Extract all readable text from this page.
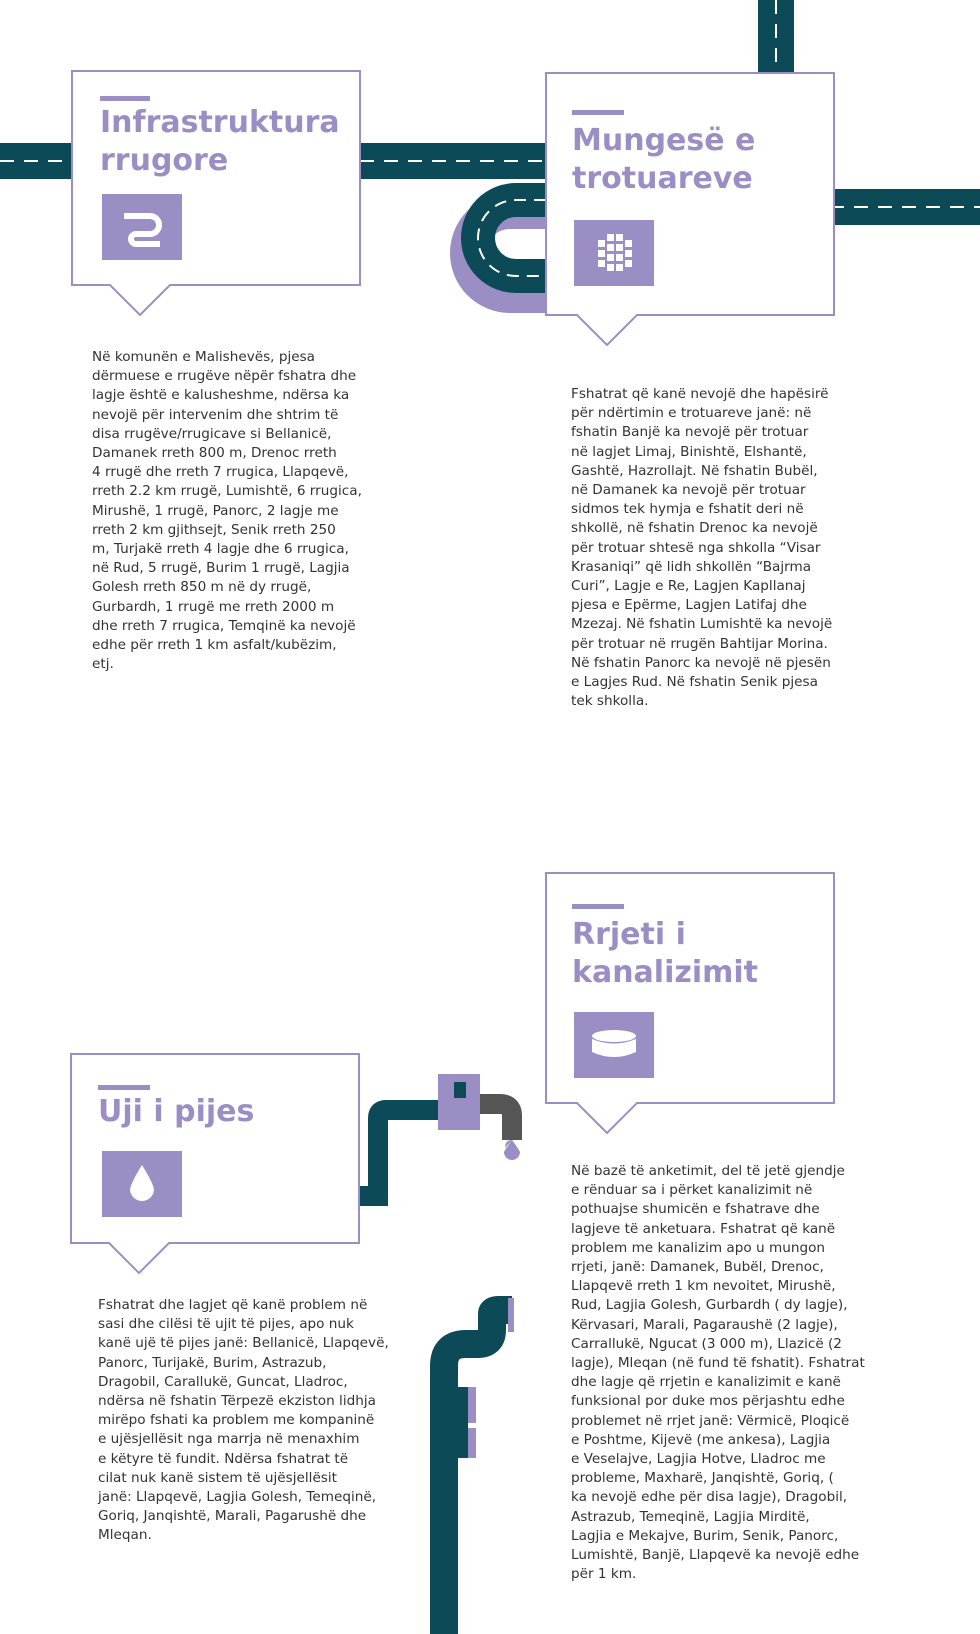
Infrastruktura
rrugore
Mungesë e
trotuareve
Uji i pijes
Rrjeti i
kanalizimit

Në komunën e Malishevës, pjesa
dërmuese e rrugëve nëpër fshatra dhe
lagje është e kalusheshme, ndërsa ka
nevojë për intervenim dhe shtrim të
disa rrugëve/rrugicave si Bellanicë,
Damanek rreth 800 m, Drenoc rreth
4 rrugë dhe rreth 7 rrugica, Llapqevë,
rreth 2.2 km rrugë, Lumishtë, 6 rrugica,
Mirushë, 1 rrugë, Panorc, 2 lagje me
rreth 2 km gjithsejt, Senik rreth 250
m, Turjakë rreth 4 lagje dhe 6 rrugica,
në Rud, 5 rrugë, Burim 1 rrugë, Lagjia
Golesh rreth 850 m në dy rrugë,
Gurbardh, 1 rrugë me rreth 2000 m
dhe rreth 7 rrugica, Temqinë ka nevojë
edhe për rreth 1 km asfalt/kubëzim,
etj.

Fshatrat që kanë nevojë dhe hapësirë
për ndërtimin e trotuareve janë: në
fshatin Banjë ka nevojë për trotuar
në lagjet Limaj, Binishtë, Elshantë,
Gashtë, Hazrollajt. Në fshatin Bubël,
në Damanek ka nevojë për trotuar
sidmos tek hymja e fshatit deri në
shkollë, në fshatin Drenoc ka nevojë
për trotuar shtesë nga shkolla “Visar
Krasaniqi” që lidh shkollën “Bajrma
Curi”, Lagje e Re, Lagjen Kapllanaj
pjesa e Epërme, Lagjen Latifaj dhe
Mzezaj. Në fshatin Lumishtë ka nevojë
për trotuar në rrugën Bahtijar Morina.
Në fshatin Panorc ka nevojë në pjesën
e Lagjes Rud. Në fshatin Senik pjesa
tek shkolla.

Fshatrat dhe lagjet që kanë problem në
sasi dhe cilësi të ujit të pijes, apo nuk
kanë ujë të pijes janë: Bellanicë, Llapqevë,
Panorc, Turijakë, Burim, Astrazub,
Dragobil, Carallukë, Guncat, Lladroc,
ndërsa në fshatin Tërpezë ekziston lidhja
mirëpo fshati ka problem me kompaninë
e ujësjellësit nga marrja në menaxhim
e këtyre të fundit. Ndërsa fshatrat të
cilat nuk kanë sistem të ujësjellësit
janë: Llapqevë, Lagjia Golesh, Temeqinë,
Goriq, Janqishtë, Marali, Pagarushë dhe
Mleqan.

Në bazë të anketimit, del të jetë gjendje
e rënduar sa i përket kanalizimit në
pothuajse shumicën e fshatrave dhe
lagjeve të anketuara. Fshatrat që kanë
problem me kanalizim apo u mungon
rrjeti, janë: Damanek, Bubël, Drenoc,
Llapqevë rreth 1 km nevoitet, Mirushë,
Rud, Lagjia Golesh, Gurbardh ( dy lagje),
Kërvasari, Marali, Pagaraushë (2 lagje),
Carrallukë, Ngucat (3 000 m), Llazicë (2
lagje), Mleqan (në fund të fshatit). Fshatrat
dhe lagje që rrjetin e kanalizimit e kanë
funksional por duke mos përjashtu edhe
problemet në rrjet janë: Vërmicë, Ploqicë
e Poshtme, Kijevë (me ankesa), Lagjia
e Veselajve, Lagjia Hotve, Lladroc me
probleme, Maxharë, Janqishtë, Goriq, (
ka nevojë edhe për disa lagje), Dragobil,
Astrazub, Temeqinë, Lagjia Mirditë,
Lagjia e Mekajve, Burim, Senik, Panorc,
Lumishtë, Banjë, Llapqevë ka nevojë edhe
për 1 km.
